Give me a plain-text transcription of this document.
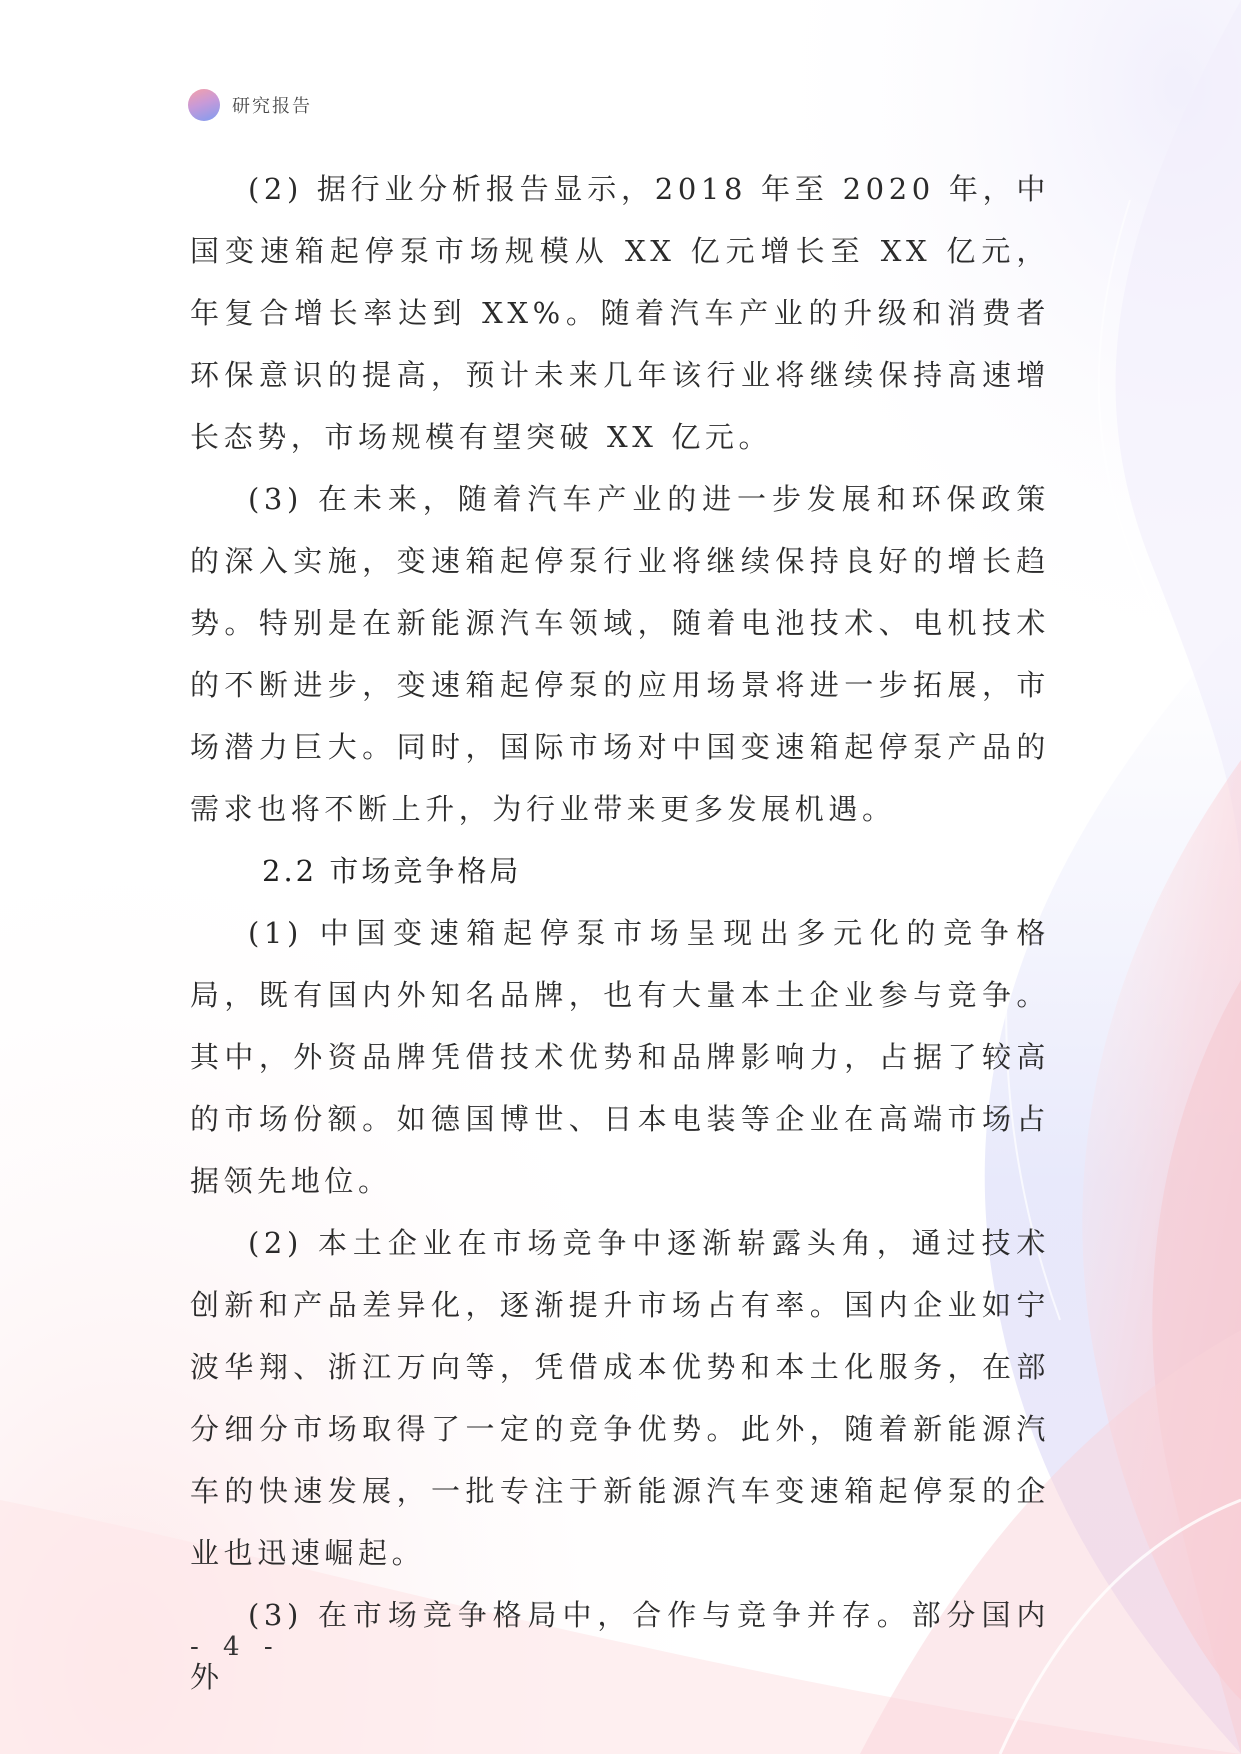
研究报告

(2) 据行业分析报告显示，2018 年至 2020 年，中国变速箱起停泵市场规模从 XX 亿元增长至 XX 亿元，年复合增长率达到 XX%。随着汽车产业的升级和消费者环保意识的提高，预计未来几年该行业将继续保持高速增长态势，市场规模有望突破 XX 亿元。

(3) 在未来，随着汽车产业的进一步发展和环保政策的深入实施，变速箱起停泵行业将继续保持良好的增长趋势。特别是在新能源汽车领域，随着电池技术、电机技术的不断进步，变速箱起停泵的应用场景将进一步拓展，市场潜力巨大。同时，国际市场对中国变速箱起停泵产品的需求也将不断上升，为行业带来更多发展机遇。

2.2 市场竞争格局

(1) 中国变速箱起停泵市场呈现出多元化的竞争格局，既有国内外知名品牌，也有大量本土企业参与竞争。其中，外资品牌凭借技术优势和品牌影响力，占据了较高的市场份额。如德国博世、日本电装等企业在高端市场占据领先地位。

(2) 本土企业在市场竞争中逐渐崭露头角，通过技术创新和产品差异化，逐渐提升市场占有率。国内企业如宁波华翔、浙江万向等，凭借成本优势和本土化服务，在部分细分市场取得了一定的竞争优势。此外，随着新能源汽车的快速发展，一批专注于新能源汽车变速箱起停泵的企业也迅速崛起。

(3) 在市场竞争格局中，合作与竞争并存。部分国内外

- 4 -
